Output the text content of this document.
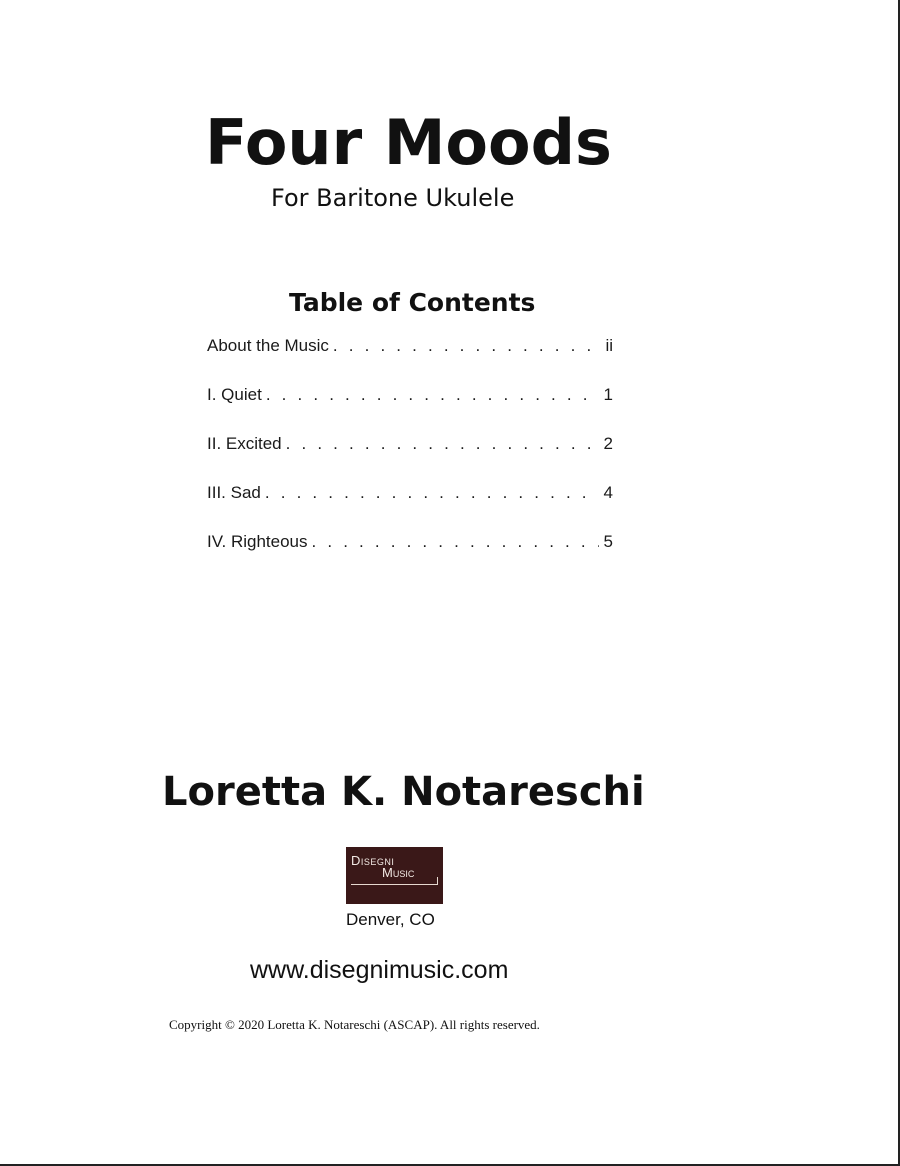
Four Moods
For Baritone Ukulele
Table of Contents
About the Music . . .	ii
I. Quiet . . .	1
II. Excited . . .	2
III. Sad . . .	4
IV. Righteous . . .	5
Loretta K. Notareschi
Disegni
Music
Denver, CO
www.disegnimusic.com
Copyright © 2020 Loretta K. Notareschi (ASCAP). All rights reserved.
